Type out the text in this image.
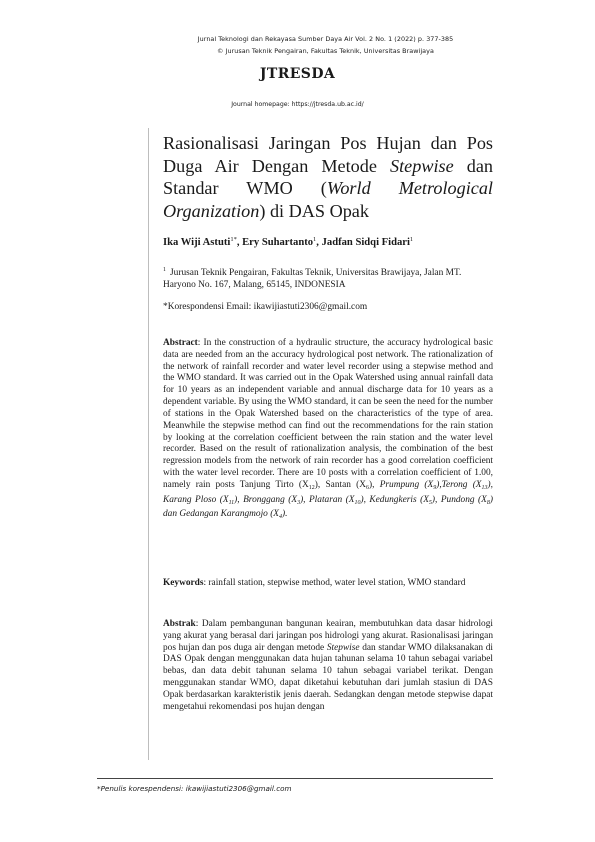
Jurnal Teknologi dan Rekayasa Sumber Daya Air Vol. 2 No. 1 (2022) p. 377-385
© Jurusan Teknik Pengairan, Fakultas Teknik, Universitas Brawijaya
JTRESDA
Journal homepage: https://jtresda.ub.ac.id/
Rasionalisasi Jaringan Pos Hujan dan Pos Duga Air Dengan Metode Stepwise dan Standar WMO (World Metrological Organization) di DAS Opak
Ika Wiji Astuti$^{1*}$, Ery Suhartanto$^1$, Jadfan Sidqi Fidari$^1$
$^1$ Jurusan Teknik Pengairan, Fakultas Teknik, Universitas Brawijaya, Jalan MT. Haryono No. 167, Malang, 65145, INDONESIA
*Korespondensi Email: ikawijiastuti2306@gmail.com
Abstract: In the construction of a hydraulic structure, the accuracy hydrological basic data are needed from an the accuracy hydrological post network. The rationalization of the network of rainfall recorder and water level recorder using a stepwise method and the WMO standard. It was carried out in the Opak Watershed using annual rainfall data for 10 years as an independent variable and annual discharge data for 10 years as a dependent variable. By using the WMO standard, it can be seen the need for the number of stations in the Opak Watershed based on the characteristics of the type of area. Meanwhile the stepwise method can find out the recommendations for the rain station by looking at the correlation coefficient between the rain station and the water level recorder. Based on the result of rationalization analysis, the combination of the best regression models from the network of rain recorder has a good correlation coefficient with the water level recorder. There are 10 posts with a correlation coefficient of 1.00, namely rain posts Tanjung Tirto $(X_{12})$, Santan $(X_6)$, Prumpung $(X_9),Terong$ $(X_{13})$, Karang Ploso $(X_{11})$, Bronggang $(X_3)$, Plataran $(X_{10})$, Kedungkeris $(X_5)$, Pundong $(X_8)$ dan Gedangan Karangmojo $(X_4)$.
Keywords: rainfall station, stepwise method, water level station, WMO standard
Abstrak: Dalam pembangunan bangunan keairan, membutuhkan data dasar hidrologi yang akurat yang berasal dari jaringan pos hidrologi yang akurat. Rasionalisasi jaringan pos hujan dan pos duga air dengan metode Stepwise dan standar WMO dilaksanakan di DAS Opak dengan menggunakan data hujan tahunan selama 10 tahun sebagai variabel bebas, dan data debit tahunan selama 10 tahun sebagai variabel terikat. Dengan menggunakan standar WMO, dapat diketahui kebutuhan dari jumlah stasiun di DAS Opak berdasarkan karakteristik jenis daerah. Sedangkan dengan metode stepwise dapat mengetahui rekomendasi pos hujan dengan
*Penulis korespendensi: ikawijiastuti2306@gmail.com
